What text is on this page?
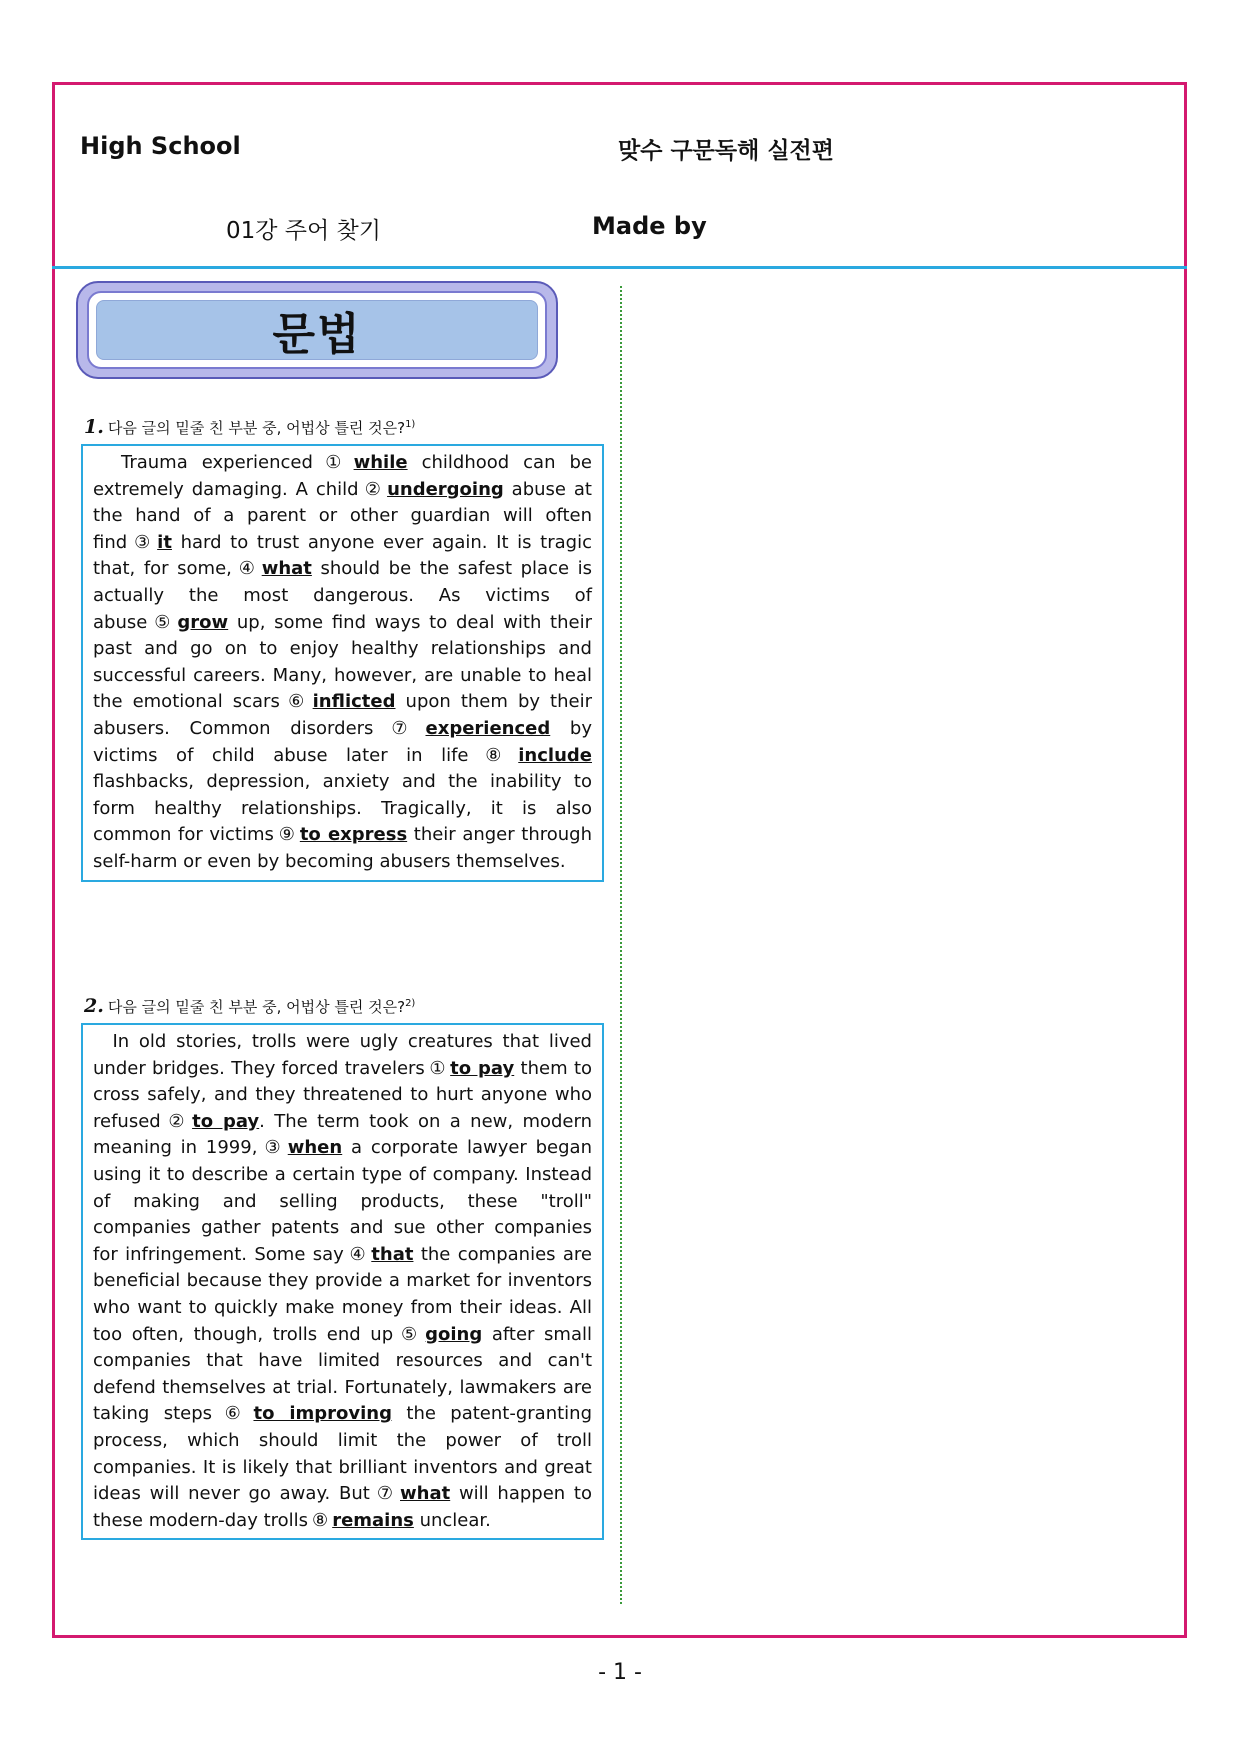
High School	맞수 구문독해 실전편
01강 주어 찾기	Made by
문법
1. 다음 글의 밑줄 친 부분 중, 어법상 틀린 것은?$^{1)}$
Trauma experienced ① while childhood can be extremely damaging. A child ② undergoing abuse at the hand of a parent or other guardian will often find ③ it hard to trust anyone ever again. It is tragic that, for some, ④ what should be the safest place is actually the most dangerous. As victims of abuse ⑤ grow up, some find ways to deal with their past and go on to enjoy healthy relationships and successful careers. Many, however, are unable to heal the emotional scars ⑥ inflicted upon them by their abusers. Common disorders ⑦ experienced by victims of child abuse later in life ⑧ include flashbacks, depression, anxiety and the inability to form healthy relationships. Tragically, it is also common for victims ⑨ to express their anger through self-harm or even by becoming abusers themselves.
2. 다음 글의 밑줄 친 부분 중, 어법상 틀린 것은?$^{2)}$
In old stories, trolls were ugly creatures that lived under bridges. They forced travelers ① to pay them to cross safely, and they threatened to hurt anyone who refused ② to pay. The term took on a new, modern meaning in 1999, ③ when a corporate lawyer began using it to describe a certain type of company. Instead of making and selling products, these "troll" companies gather patents and sue other companies for infringement. Some say ④ that the companies are beneficial because they provide a market for inventors who want to quickly make money from their ideas. All too often, though, trolls end up ⑤ going after small companies that have limited resources and can't defend themselves at trial. Fortunately, lawmakers are taking steps ⑥ to improving the patent-granting process, which should limit the power of troll companies. It is likely that brilliant inventors and great ideas will never go away. But ⑦ what will happen to these modern-day trolls ⑧ remains unclear.
- 1 -
